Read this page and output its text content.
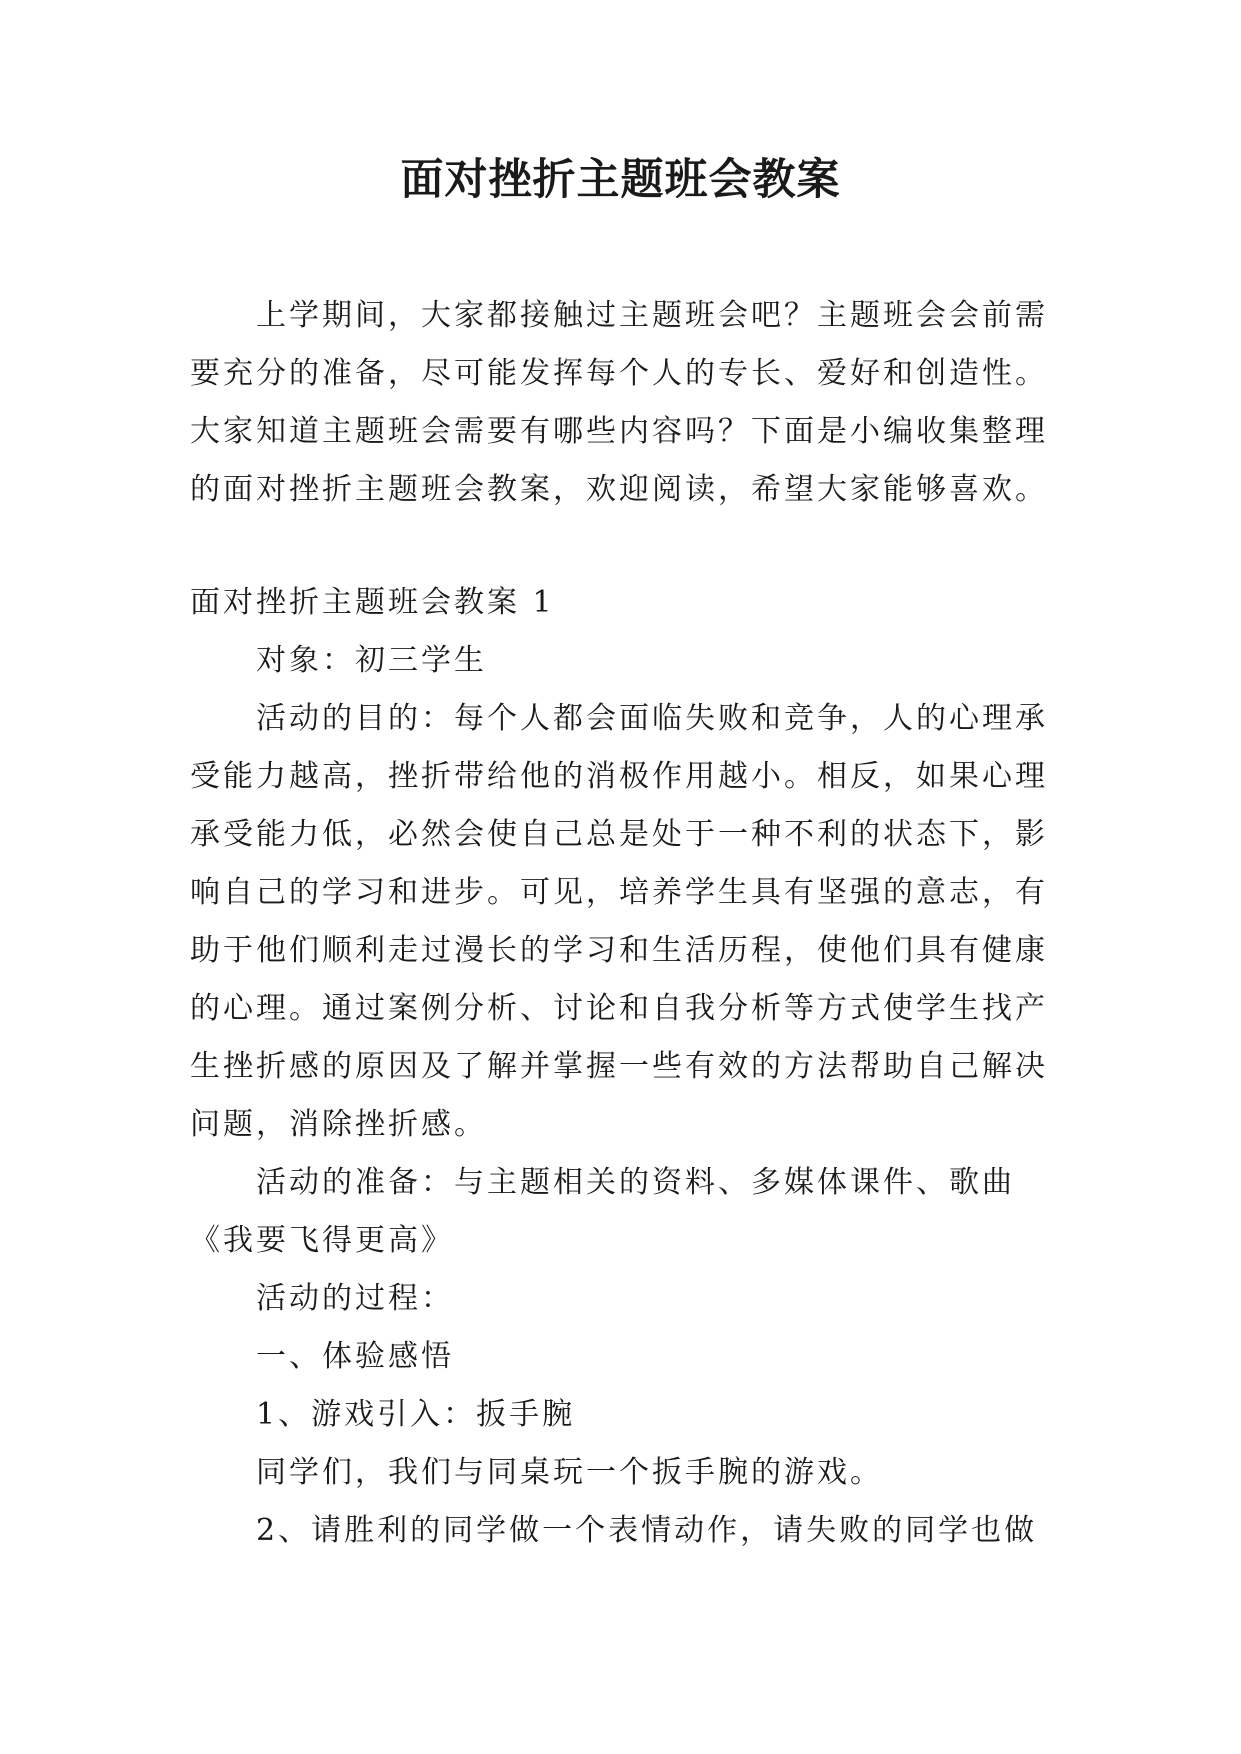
面对挫折主题班会教案

上学期间，大家都接触过主题班会吧？主题班会会前需要充分的准备，尽可能发挥每个人的专长、爱好和创造性。大家知道主题班会需要有哪些内容吗？下面是小编收集整理的面对挫折主题班会教案，欢迎阅读，希望大家能够喜欢。

面对挫折主题班会教案 1

对象：初三学生

活动的目的：每个人都会面临失败和竞争，人的心理承受能力越高，挫折带给他的消极作用越小。相反，如果心理承受能力低，必然会使自己总是处于一种不利的状态下，影响自己的学习和进步。可见，培养学生具有坚强的意志，有助于他们顺利走过漫长的学习和生活历程，使他们具有健康的心理。通过案例分析、讨论和自我分析等方式使学生找产生挫折感的原因及了解并掌握一些有效的方法帮助自己解决问题，消除挫折感。

活动的准备：与主题相关的资料、多媒体课件、歌曲《我要飞得更高》

活动的过程：

一、体验感悟

1、游戏引入：扳手腕

同学们，我们与同桌玩一个扳手腕的游戏。

2、请胜利的同学做一个表情动作，请失败的同学也做
